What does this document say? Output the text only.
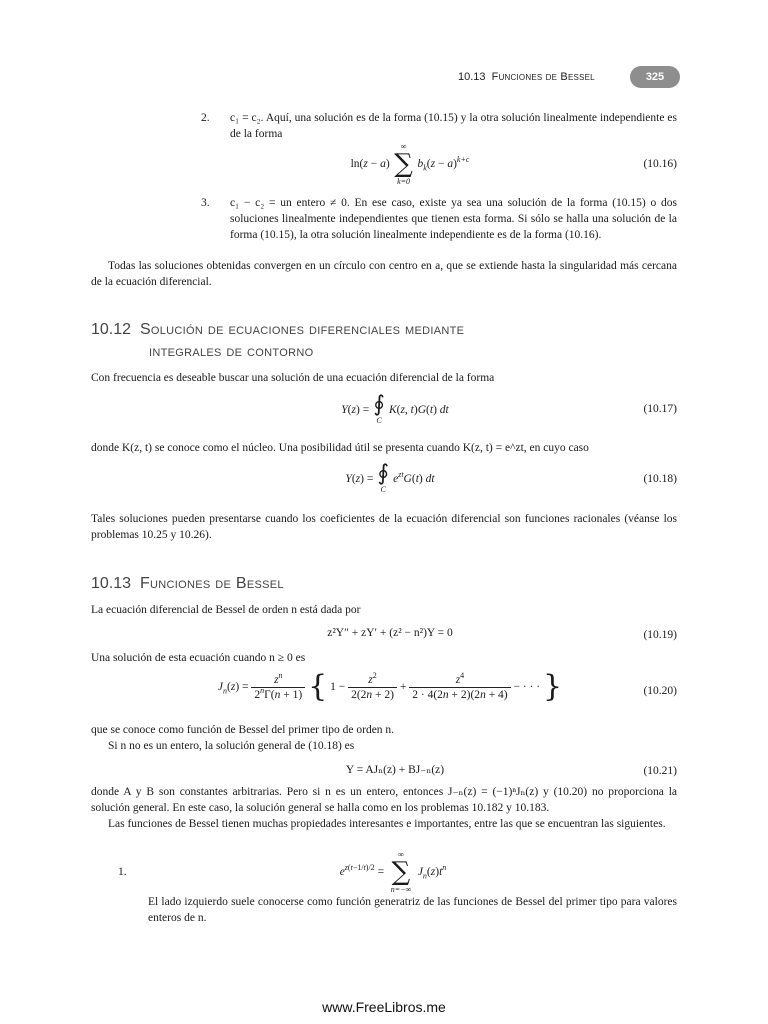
10.13 Funciones de Bessel	325
2.	c₁ = c₂. Aquí, una solución es de la forma (10.15) y la otra solución linealmente independiente es de la forma
ln(z − a)
∞
∑
k=0
$b_k(z - a)^{k+c}$	(10.16)
3.	c₁ − c₂ = un entero ≠ 0. En ese caso, existe ya sea una solución de la forma (10.15) o dos soluciones linealmente independientes que tienen esta forma. Si sólo se halla una solución de la forma (10.15), la otra solución linealmente independiente es de la forma (10.16).
Todas las soluciones obtenidas convergen en un círculo con centro en a, que se extiende hasta la singularidad más cercana de la ecuación diferencial.
10.12 Solución de ecuaciones diferenciales mediante
integrales de contorno
Con frecuencia es deseable buscar una solución de una ecuación diferencial de la forma
Y(z) = ∮
C
K(z, t)G(t) dt	(10.17)
donde K(z, t) se conoce como el núcleo. Una posibilidad útil se presenta cuando K(z, t) = e^zt, en cuyo caso
Y(z) = ∮
C
$e^{zt}G(t)$ dt	(10.18)
Tales soluciones pueden presentarse cuando los coeficientes de la ecuación diferencial son funciones racionales (véanse los problemas 10.25 y 10.26).
10.13 Funciones de Bessel
La ecuación diferencial de Bessel de orden n está dada por
z²Y″ + zY′ + (z² − n²)Y = 0	(10.19)
Una solución de esta ecuación cuando n ≥ 0 es
$J_n(z) = \frac{z^n}{2^n\Gamma(n + 1)}$ { $1 - \frac{z^2}{2(2n + 2)} + \frac{z^4}{2 \cdot 4(2n + 2)(2n + 4)}$ − · · · }	(10.20)
que se conoce como función de Bessel del primer tipo de orden n.
Si n no es un entero, la solución general de (10.18) es
Y = AJₙ(z) + BJ₋ₙ(z)	(10.21)
donde A y B son constantes arbitrarias. Pero si n es un entero, entonces J₋ₙ(z) = (−1)ⁿJₙ(z) y (10.20) no proporciona la solución general. En este caso, la solución general se halla como en los problemas 10.182 y 10.183.
Las funciones de Bessel tienen muchas propiedades interesantes e importantes, entre las que se encuentran las siguientes.
1.	$e^{z(t-1/t)/2}$ =
∞
∑
n=−∞
$J_n(z)t^n$
El lado izquierdo suele conocerse como función generatriz de las funciones de Bessel del primer tipo para valores enteros de n.
www.FreeLibros.me
